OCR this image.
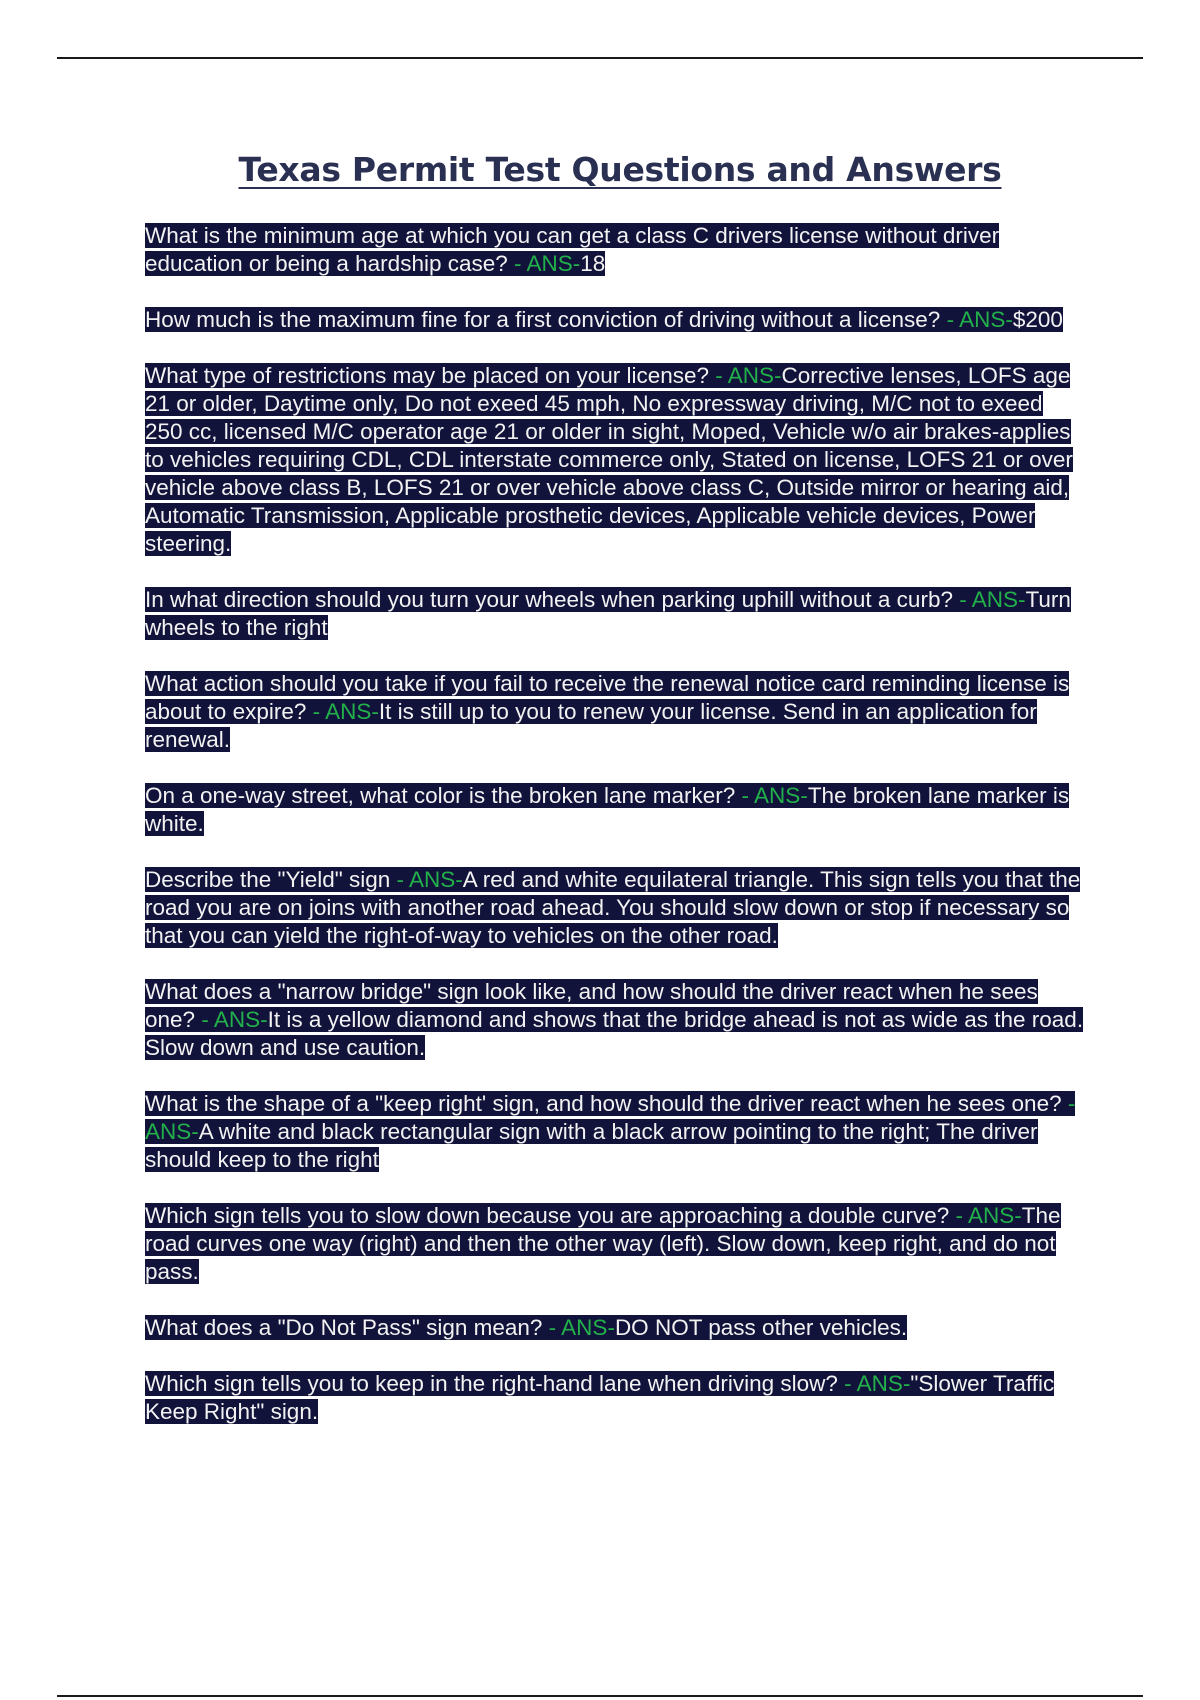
Texas Permit Test Questions and Answers

What is the minimum age at which you can get a class C drivers license without driver education or being a hardship case? - ANS-18

How much is the maximum fine for a first conviction of driving without a license? - ANS-$200

What type of restrictions may be placed on your license? - ANS-Corrective lenses, LOFS age 21 or older, Daytime only, Do not exeed 45 mph, No expressway driving, M/C not to exeed 250 cc, licensed M/C operator age 21 or older in sight, Moped, Vehicle w/o air brakes-applies to vehicles requiring CDL, CDL interstate commerce only, Stated on license, LOFS 21 or over vehicle above class B, LOFS 21 or over vehicle above class C, Outside mirror or hearing aid, Automatic Transmission, Applicable prosthetic devices, Applicable vehicle devices, Power steering.

In what direction should you turn your wheels when parking uphill without a curb? - ANS-Turn wheels to the right

What action should you take if you fail to receive the renewal notice card reminding license is about to expire? - ANS-It is still up to you to renew your license. Send in an application for renewal.

On a one-way street, what color is the broken lane marker? - ANS-The broken lane marker is white.

Describe the "Yield" sign - ANS-A red and white equilateral triangle. This sign tells you that the road you are on joins with another road ahead. You should slow down or stop if necessary so that you can yield the right-of-way to vehicles on the other road.

What does a "narrow bridge" sign look like, and how should the driver react when he sees one? - ANS-It is a yellow diamond and shows that the bridge ahead is not as wide as the road. Slow down and use caution.

What is the shape of a "keep right' sign, and how should the driver react when he sees one? - ANS-A white and black rectangular sign with a black arrow pointing to the right; The driver should keep to the right

Which sign tells you to slow down because you are approaching a double curve? - ANS-The road curves one way (right) and then the other way (left). Slow down, keep right, and do not pass.

What does a "Do Not Pass" sign mean? - ANS-DO NOT pass other vehicles.

Which sign tells you to keep in the right-hand lane when driving slow? - ANS-"Slower Traffic Keep Right" sign.
